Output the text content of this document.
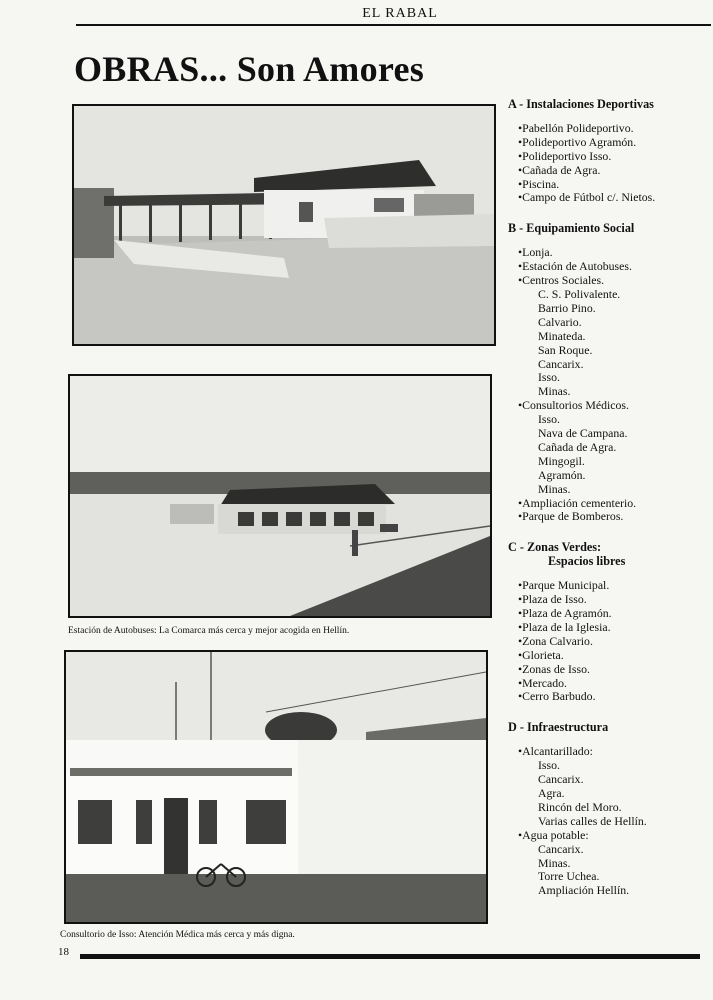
EL RABAL
OBRAS... Son Amores
Estación de Autobuses: La Comarca más cerca y mejor acogida en Hellín.
Consultorio de Isso: Atención Médica más cerca y más digna.
A - Instalaciones Deportivas
•Pabellón Polideportivo.
•Polideportivo Agramón.
•Polideportivo Isso.
•Cañada de Agra.
•Piscina.
•Campo de Fútbol c/. Nietos.
B - Equipamiento Social
•Lonja.
•Estación de Autobuses.
•Centros Sociales.
C. S. Polivalente.
Barrio Pino.
Calvario.
Minateda.
San Roque.
Cancarix.
Isso.
Minas.
•Consultorios Médicos.
Isso.
Nava de Campana.
Cañada de Agra.
Mingogil.
Agramón.
Minas.
•Ampliación cementerio.
•Parque de Bomberos.
C - Zonas Verdes:
Espacios libres
•Parque Municipal.
•Plaza de Isso.
•Plaza de Agramón.
•Plaza de la Iglesia.
•Zona Calvario.
•Glorieta.
•Zonas de Isso.
•Mercado.
•Cerro Barbudo.
D - Infraestructura
•Alcantarillado:
Isso.
Cancarix.
Agra.
Rincón del Moro.
Varias calles de Hellín.
•Agua potable:
Cancarix.
Minas.
Torre Uchea.
Ampliación Hellín.
18
